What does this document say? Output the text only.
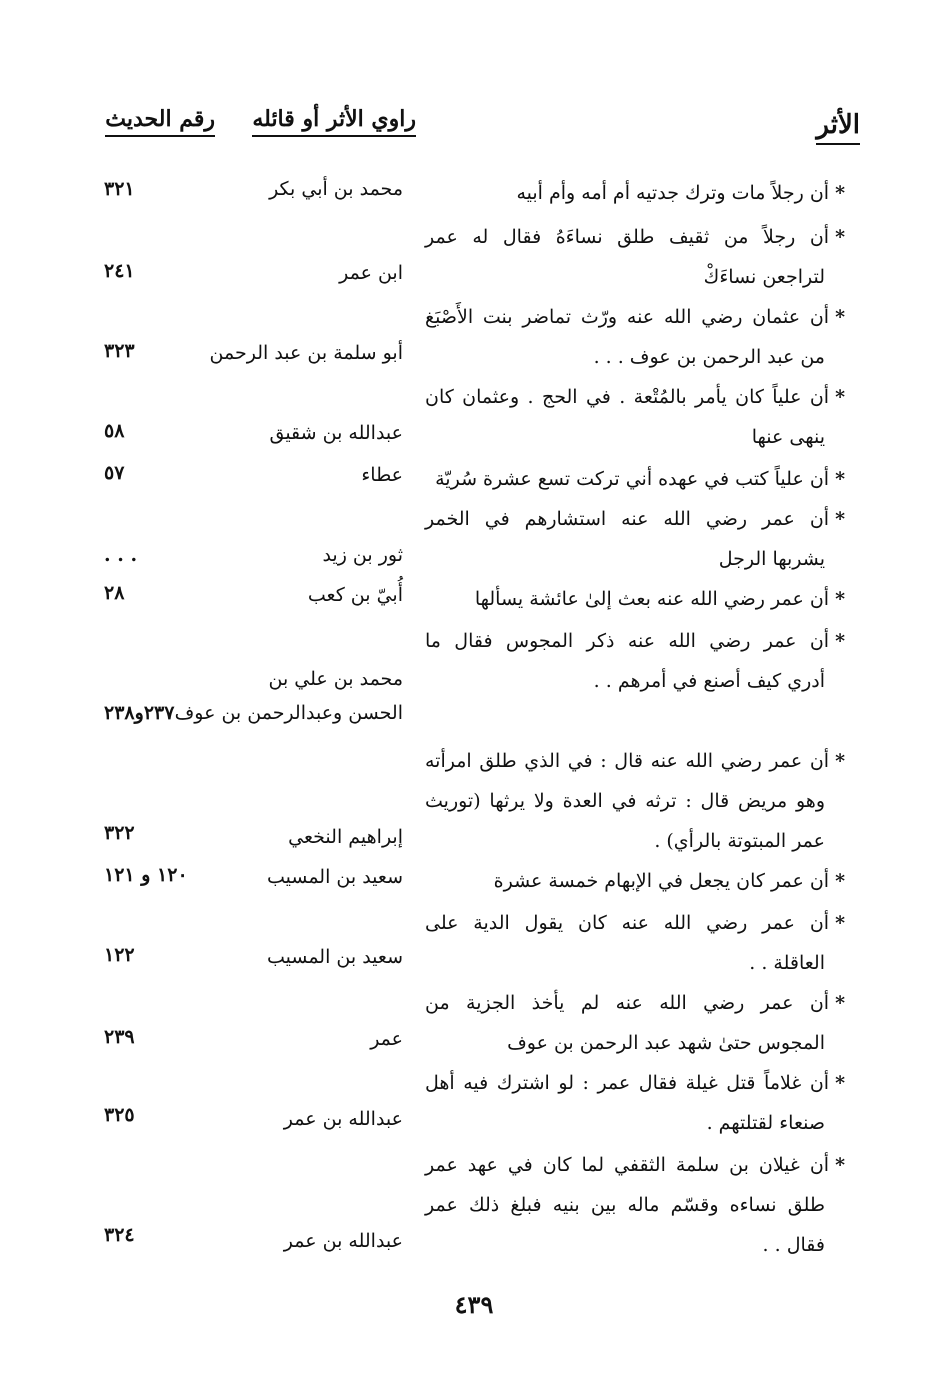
الأثر
راوي الأثر أو قائله
رقم الحديث
*أن رجلاً مات وترك جدتيه أم أمه وأم أبيه
محمد بن أبي بكر
٣٢١
*أن رجلاً من ثقيف طلق نساءَهُ فقال له عمر
لتراجعن نساءَكْ
ابن عمر
٢٤١
*أن عثمان رضي الله عنه ورّث تماضر بنت الأَصْبَغ
من عبد الرحمن بن عوف . . .
أبو سلمة بن عبد الرحمن
٣٢٣
*أن علياً كان يأمر بالمُتْعة . في الحج . وعثمان كان
ينهى عنها
عبدالله بن شقيق
٥٨
*أن علياً كتب في عهده أني تركت تسع عشرة سُريّة
عطاء
٥٧
*أن عمر رضي الله عنه استشارهم في الخمر
يشربها الرجل
ثور بن زيد
. . .
*أن عمر رضي الله عنه بعث إلىٰ عائشة يسألها
أُبيّ بن كعب
٢٨
*أن عمر رضي الله عنه ذكر المجوس فقال ما
أدري كيف أصنع في أمرهم . .
محمد بن علي بن
الحسن وعبدالرحمن بن عوف
٢٣٧و٢٣٨
*أن عمر رضي الله عنه قال : في الذي طلق امرأته
وهو مريض قال : ترثه في العدة ولا يرثها (توريث
عمر المبتوتة بالرأي) .
إبراهيم النخعي
٣٢٢
*أن عمر كان يجعل في الإبهام خمسة عشرة
سعيد بن المسيب
١٢٠ و ١٢١
*أن عمر رضي الله عنه كان يقول الدية على
العاقلة . .
سعيد بن المسيب
١٢٢
*أن عمر رضي الله عنه لم يأخذ الجزية من
المجوس حتىٰ شهد عبد الرحمن بن عوف
عمر
٢٣٩
*أن غلاماً قتل غيلة فقال عمر : لو اشترك فيه أهل
صنعاء لقتلتهم .
عبدالله بن عمر
٣٢٥
*أن غيلان بن سلمة الثقفي لما كان في عهد عمر
طلق نساءه وقسّم ماله بين بنيه فبلغ ذلك عمر
فقال . .
عبدالله بن عمر
٣٢٤
٤٣٩
